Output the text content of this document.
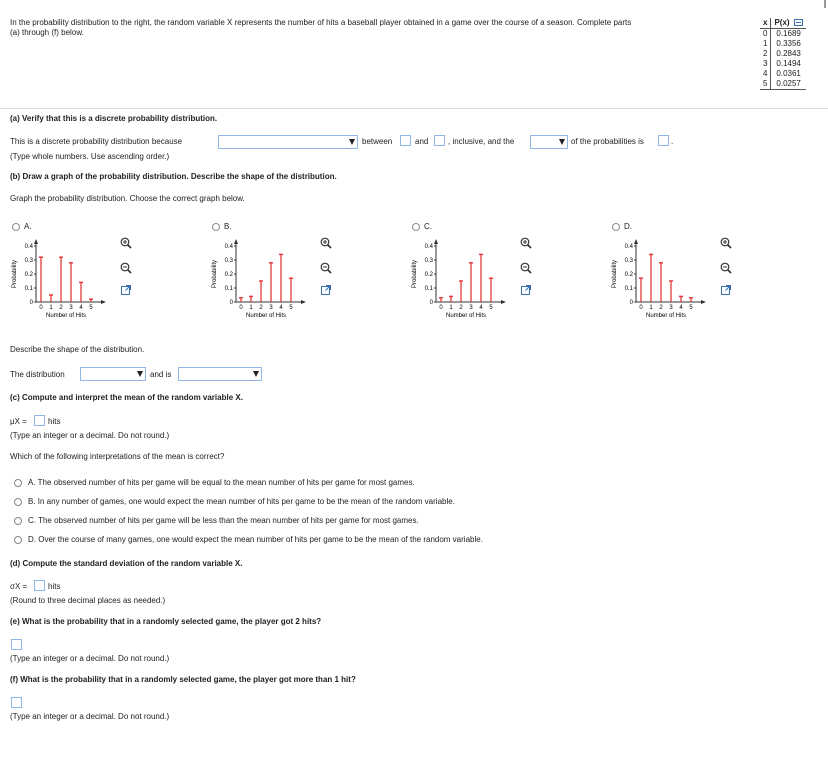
In the probability distribution to the right, the random variable X represents the number of hits a baseball player obtained in a game over the course of a season. Complete parts
(a) through (f) below.
x	P(x)
0	0.1689
1	0.3356
2	0.2843
3	0.1494
4	0.0361
5	0.0257
(a) Verify that this is a discrete probability distribution.
This is a discrete probability distribution because	between	and , inclusive, and the	of the probabilities is	.
(Type whole numbers. Use ascending order.)
(b) Draw a graph of the probability distribution. Describe the shape of the distribution.
Graph the probability distribution. Choose the correct graph below.
A.
Probability
0.4
0.3
0.2
0.1
0
0 1 2 3 4 5
Number of Hits
B.
Probability
0.4
0.3
0.2
0.1
0
0 1 2 3 4 5
Number of Hits
C.
Probability
0.4
0.3
0.2
0.1
0
0 1 2 3 4 5
Number of Hits
D.
Probability
0.4
0.3
0.2
0.1
0
0 1 2 3 4 5
Number of Hits
Describe the shape of the distribution.
The distribution	and is
(c) Compute and interpret the mean of the random variable X.
μX =	hits
(Type an integer or a decimal. Do not round.)
Which of the following interpretations of the mean is correct?
A. The observed number of hits per game will be equal to the mean number of hits per game for most games.
B. In any number of games, one would expect the mean number of hits per game to be the mean of the random variable.
C. The observed number of hits per game will be less than the mean number of hits per game for most games.
D. Over the course of many games, one would expect the mean number of hits per game to be the mean of the random variable.
(d) Compute the standard deviation of the random variable X.
σX =	hits
(Round to three decimal places as needed.)
(e) What is the probability that in a randomly selected game, the player got 2 hits?
(Type an integer or a decimal. Do not round.)
(f) What is the probability that in a randomly selected game, the player got more than 1 hit?
(Type an integer or a decimal. Do not round.)
